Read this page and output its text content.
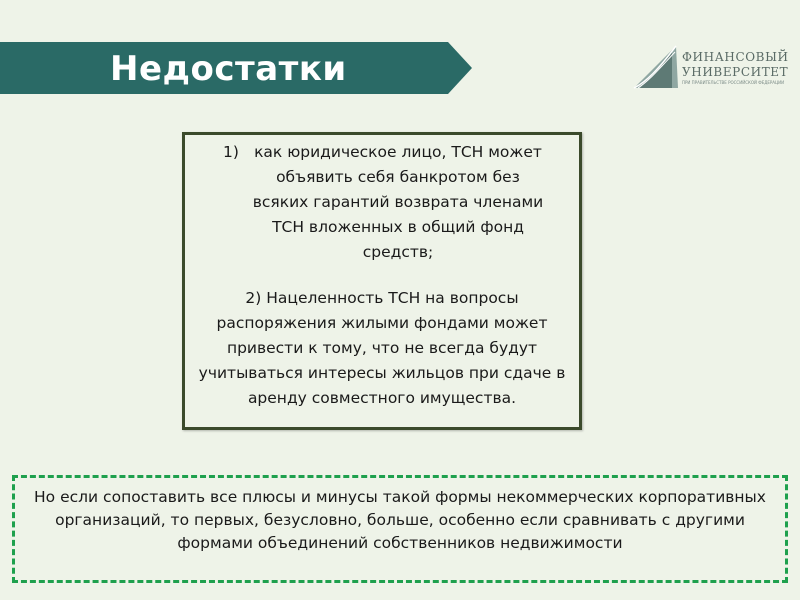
Недостатки	ФИНАНСОВЫЙ
УНИВЕРСИТЕТ
ПРИ ПРАВИТЕЛЬСТВЕ РОССИЙСКОЙ ФЕДЕРАЦИИ
1) как юридическое лицо, ТСН может объявить себя банкротом без всяких гарантий возврата членами ТСН вложенных в общий фонд средств;
2) Нацеленность ТСН на вопросы распоряжения жилыми фондами может привести к тому, что не всегда будут учитываться интересы жильцов при сдаче в аренду совместного имущества.
Но если сопоставить все плюсы и минусы такой формы некоммерческих корпоративных организаций, то первых, безусловно, больше, особенно если сравнивать с другими формами объединений собственников недвижимости
